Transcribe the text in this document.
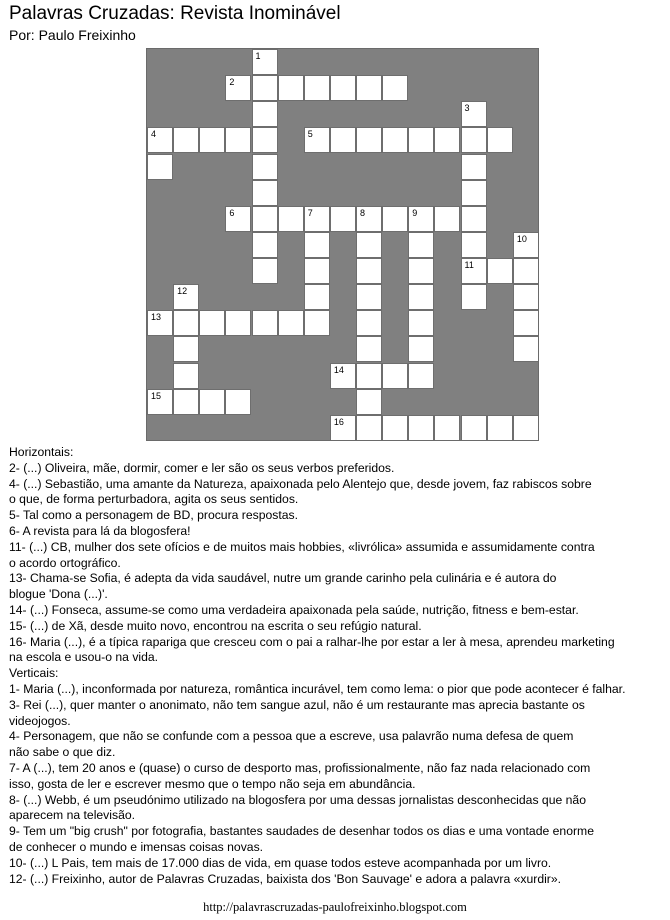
Palavras Cruzadas: Revista Inominável
Por: Paulo Freixinho
1
2
3
4	5
6	7	8	9
10
11
12
13
14
15
16
Horizontais:
2- (...) Oliveira, mãe, dormir, comer e ler são os seus verbos preferidos.
4- (...) Sebastião, uma amante da Natureza, apaixonada pelo Alentejo que, desde jovem, faz rabiscos sobre
o que, de forma perturbadora, agita os seus sentidos.
5- Tal como a personagem de BD, procura respostas.
6- A revista para lá da blogosfera!
11- (...) CB, mulher dos sete ofícios e de muitos mais hobbies, «livrólica» assumida e assumidamente contra
o acordo ortográfico.
13- Chama-se Sofia, é adepta da vida saudável, nutre um grande carinho pela culinária e é autora do
blogue 'Dona (...)'.
14- (...) Fonseca, assume-se como uma verdadeira apaixonada pela saúde, nutrição, fitness e bem-estar.
15- (...) de Xã, desde muito novo, encontrou na escrita o seu refúgio natural.
16- Maria (...), é a típica rapariga que cresceu com o pai a ralhar-lhe por estar a ler à mesa, aprendeu marketing
na escola e usou-o na vida.
Verticais:
1- Maria (...), inconformada por natureza, romântica incurável, tem como lema: o pior que pode acontecer é falhar.
3- Rei (...), quer manter o anonimato, não tem sangue azul, não é um restaurante mas aprecia bastante os
videojogos.
4- Personagem, que não se confunde com a pessoa que a escreve, usa palavrão numa defesa de quem
não sabe o que diz.
7- A (...), tem 20 anos e (quase) o curso de desporto mas, profissionalmente, não faz nada relacionado com
isso, gosta de ler e escrever mesmo que o tempo não seja em abundância.
8- (...) Webb, é um pseudónimo utilizado na blogosfera por uma dessas jornalistas desconhecidas que não
aparecem na televisão.
9- Tem um "big crush" por fotografia, bastantes saudades de desenhar todos os dias e uma vontade enorme
de conhecer o mundo e imensas coisas novas.
10- (...) L Pais, tem mais de 17.000 dias de vida, em quase todos esteve acompanhada por um livro.
12- (...) Freixinho, autor de Palavras Cruzadas, baixista dos 'Bon Sauvage' e adora a palavra «xurdir».
http://palavrascruzadas-paulofreixinho.blogspot.com
